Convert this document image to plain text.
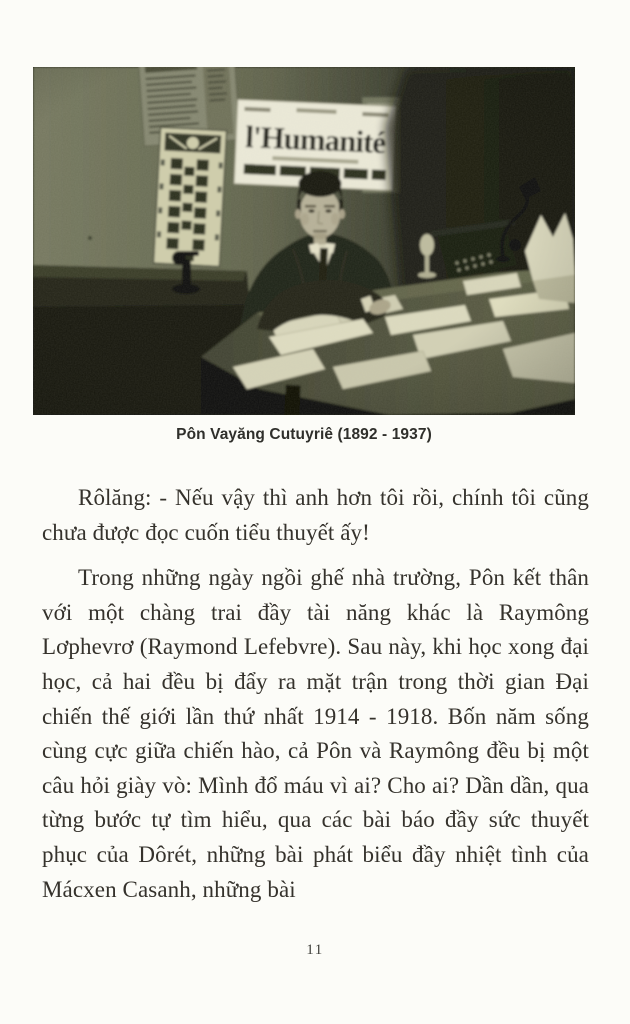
Pôn Vayăng Cutuyriê (1892 - 1937)

Rôlăng: - Nếu vậy thì anh hơn tôi rồi, chính tôi cũng chưa được đọc cuốn tiểu thuyết ấy!

Trong những ngày ngồi ghế nhà trường, Pôn kết thân với một chàng trai đầy tài năng khác là Raymông Lơphevrơ (Raymond Lefebvre). Sau này, khi học xong đại học, cả hai đều bị đẩy ra mặt trận trong thời gian Đại chiến thế giới lần thứ nhất 1914 - 1918. Bốn năm sống cùng cực giữa chiến hào, cả Pôn và Raymông đều bị một câu hỏi giày vò: Mình đổ máu vì ai? Cho ai? Dần dần, qua từng bước tự tìm hiểu, qua các bài báo đầy sức thuyết phục của Dôrét, những bài phát biểu đầy nhiệt tình của Mácxen Casanh, những bài

11
